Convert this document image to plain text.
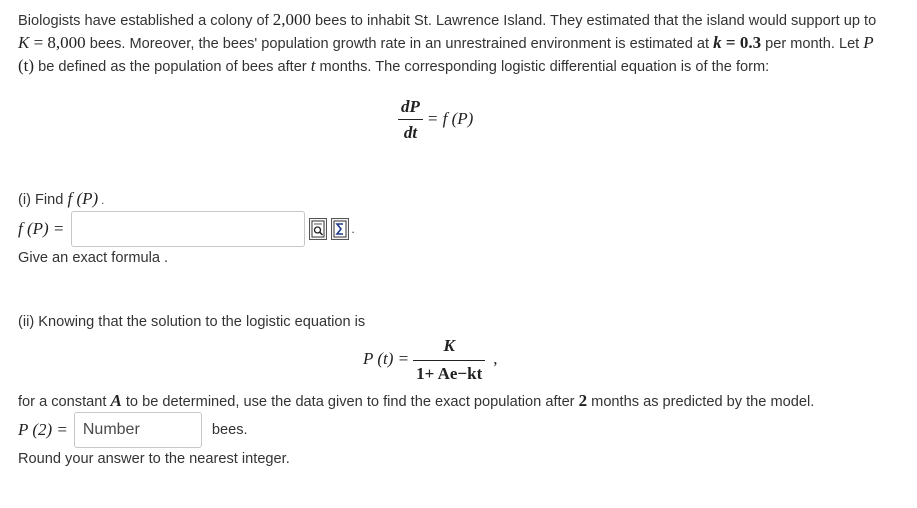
Biologists have established a colony of 2,000 bees to inhabit St. Lawrence Island. They estimated that the island would support up to K = 8,000 bees. Moreover, the bees' population growth rate in an unrestrained environment is estimated at k = 0.3 per month. Let P (t) be defined as the population of bees after t months. The corresponding logistic differential equation is of the form:
$\frac{dP}{dt} = f$ (P)
(i) Find f (P) .
f (P) =	.
Give an exact formula .
(ii) Knowing that the solution to the logistic equation is
P $(t) = \frac{K}{1+ Ae-kt}$ ,
for a constant A to be determined, use the data given to find the exact population after 2 months as predicted by the model.
P (2) =
Number	bees.
Round your answer to the nearest integer.
